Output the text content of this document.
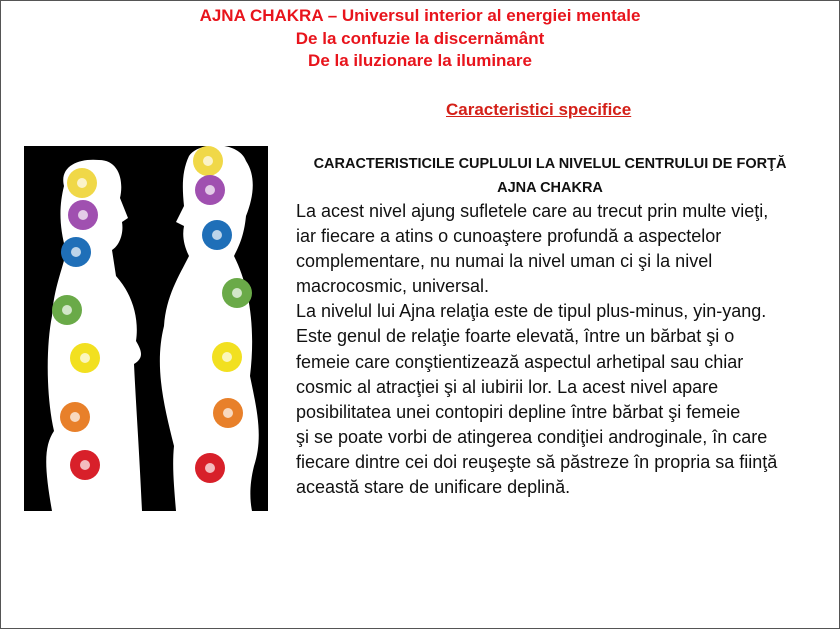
AJNA CHAKRA – Universul interior al energiei mentale
De la confuzie la discernământ
De la iluzionare la iluminare
Caracteristici specifice
CARACTERISTICILE CUPLULUI LA NIVELUL CENTRULUI DE FORŢĂ
AJNA CHAKRA
La acest nivel ajung sufletele care au trecut prin multe vieţi,
iar fiecare a atins o cunoaştere profundă a aspectelor
complementare, nu numai la nivel uman ci şi la nivel
macrocosmic, universal.
La nivelul lui Ajna relaţia este de tipul plus-minus, yin-yang.
Este genul de relaţie foarte elevată, între un bărbat şi o
femeie care conştientizează aspectul arhetipal sau chiar
cosmic al atracţiei şi al iubirii lor. La acest nivel apare
posibilitatea unei contopiri depline între bărbat şi femeie
şi se poate vorbi de atingerea condiţiei androginale, în care
fiecare dintre cei doi reuşeşte să păstreze în propria sa fiinţă
această stare de unificare deplină.
